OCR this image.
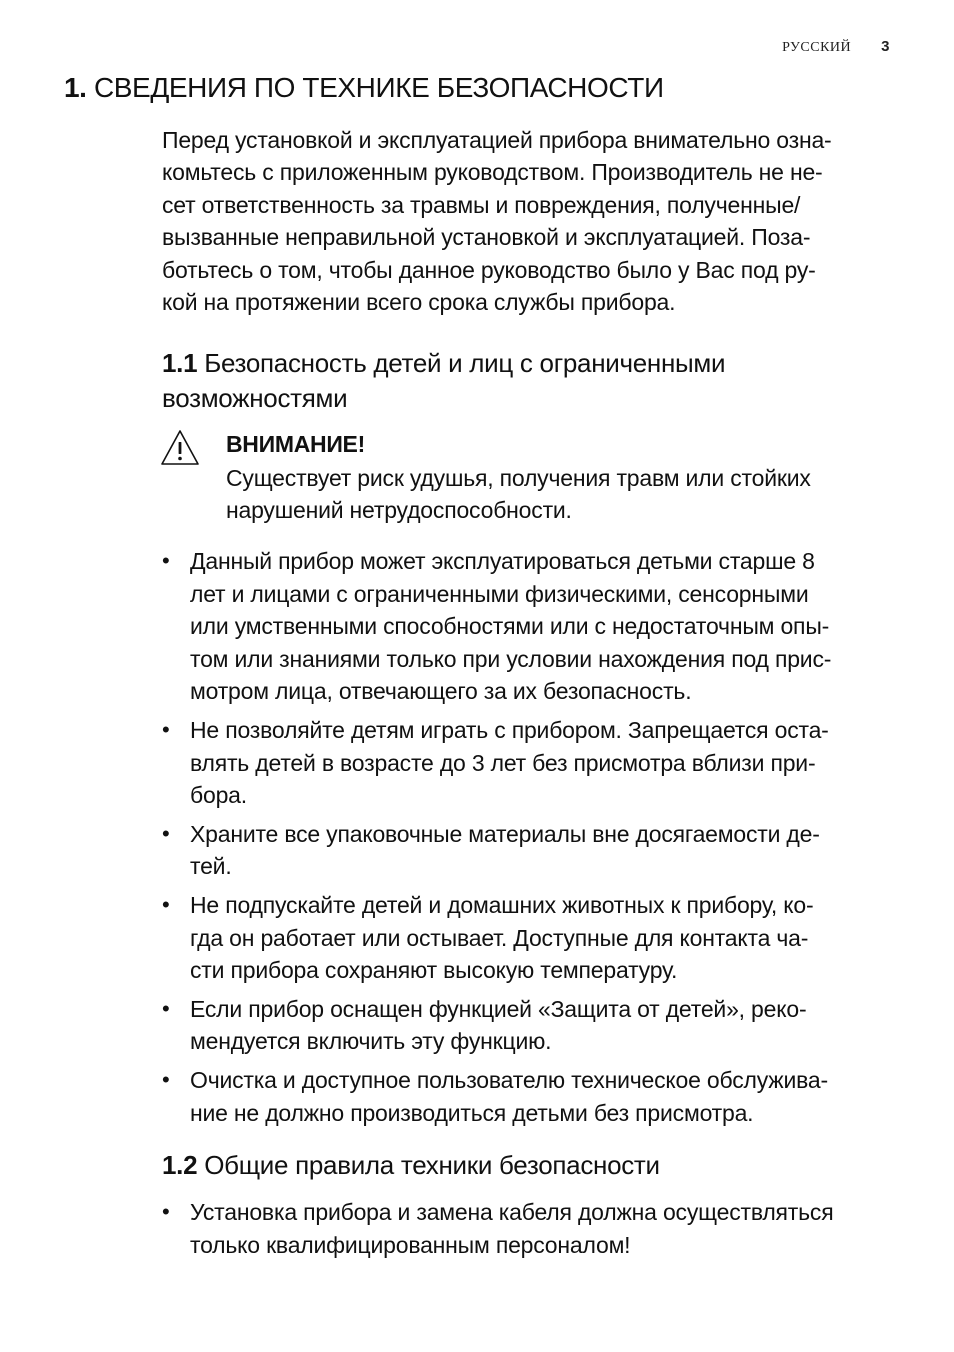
РУССКИЙ 3
1. СВЕДЕНИЯ ПО ТЕХНИКЕ БЕЗОПАСНОСТИ
Перед установкой и эксплуатацией прибора внимательно озна-
комьтесь с приложенным руководством. Производитель не не-
сет ответственность за травмы и повреждения, полученные/
вызванные неправильной установкой и эксплуатацией. Поза-
ботьтесь о том, чтобы данное руководство было у Вас под ру-
кой на протяжении всего срока службы прибора.
1.1 Безопасность детей и лиц с ограниченными
возможностями
ВНИМАНИЕ!
Существует риск удушья, получения травм или стойких
нарушений нетрудоспособности.
• Данный прибор может эксплуатироваться детьми старше 8
лет и лицами с ограниченными физическими, сенсорными
или умственными способностями или с недостаточным опы-
том или знаниями только при условии нахождения под прис-
мотром лица, отвечающего за их безопасность.
• Не позволяйте детям играть с прибором. Запрещается оста-
влять детей в возрасте до 3 лет без присмотра вблизи при-
бора.
• Храните все упаковочные материалы вне досягаемости де-
тей.
• Не подпускайте детей и домашних животных к прибору, ко-
гда он работает или остывает. Доступные для контакта ча-
сти прибора сохраняют высокую температуру.
• Если прибор оснащен функцией «Защита от детей», реко-
мендуется включить эту функцию.
• Очистка и доступное пользователю техническое обслужива-
ние не должно производиться детьми без присмотра.
1.2 Общие правила техники безопасности
• Установка прибора и замена кабеля должна осуществляться
только квалифицированным персоналом!
